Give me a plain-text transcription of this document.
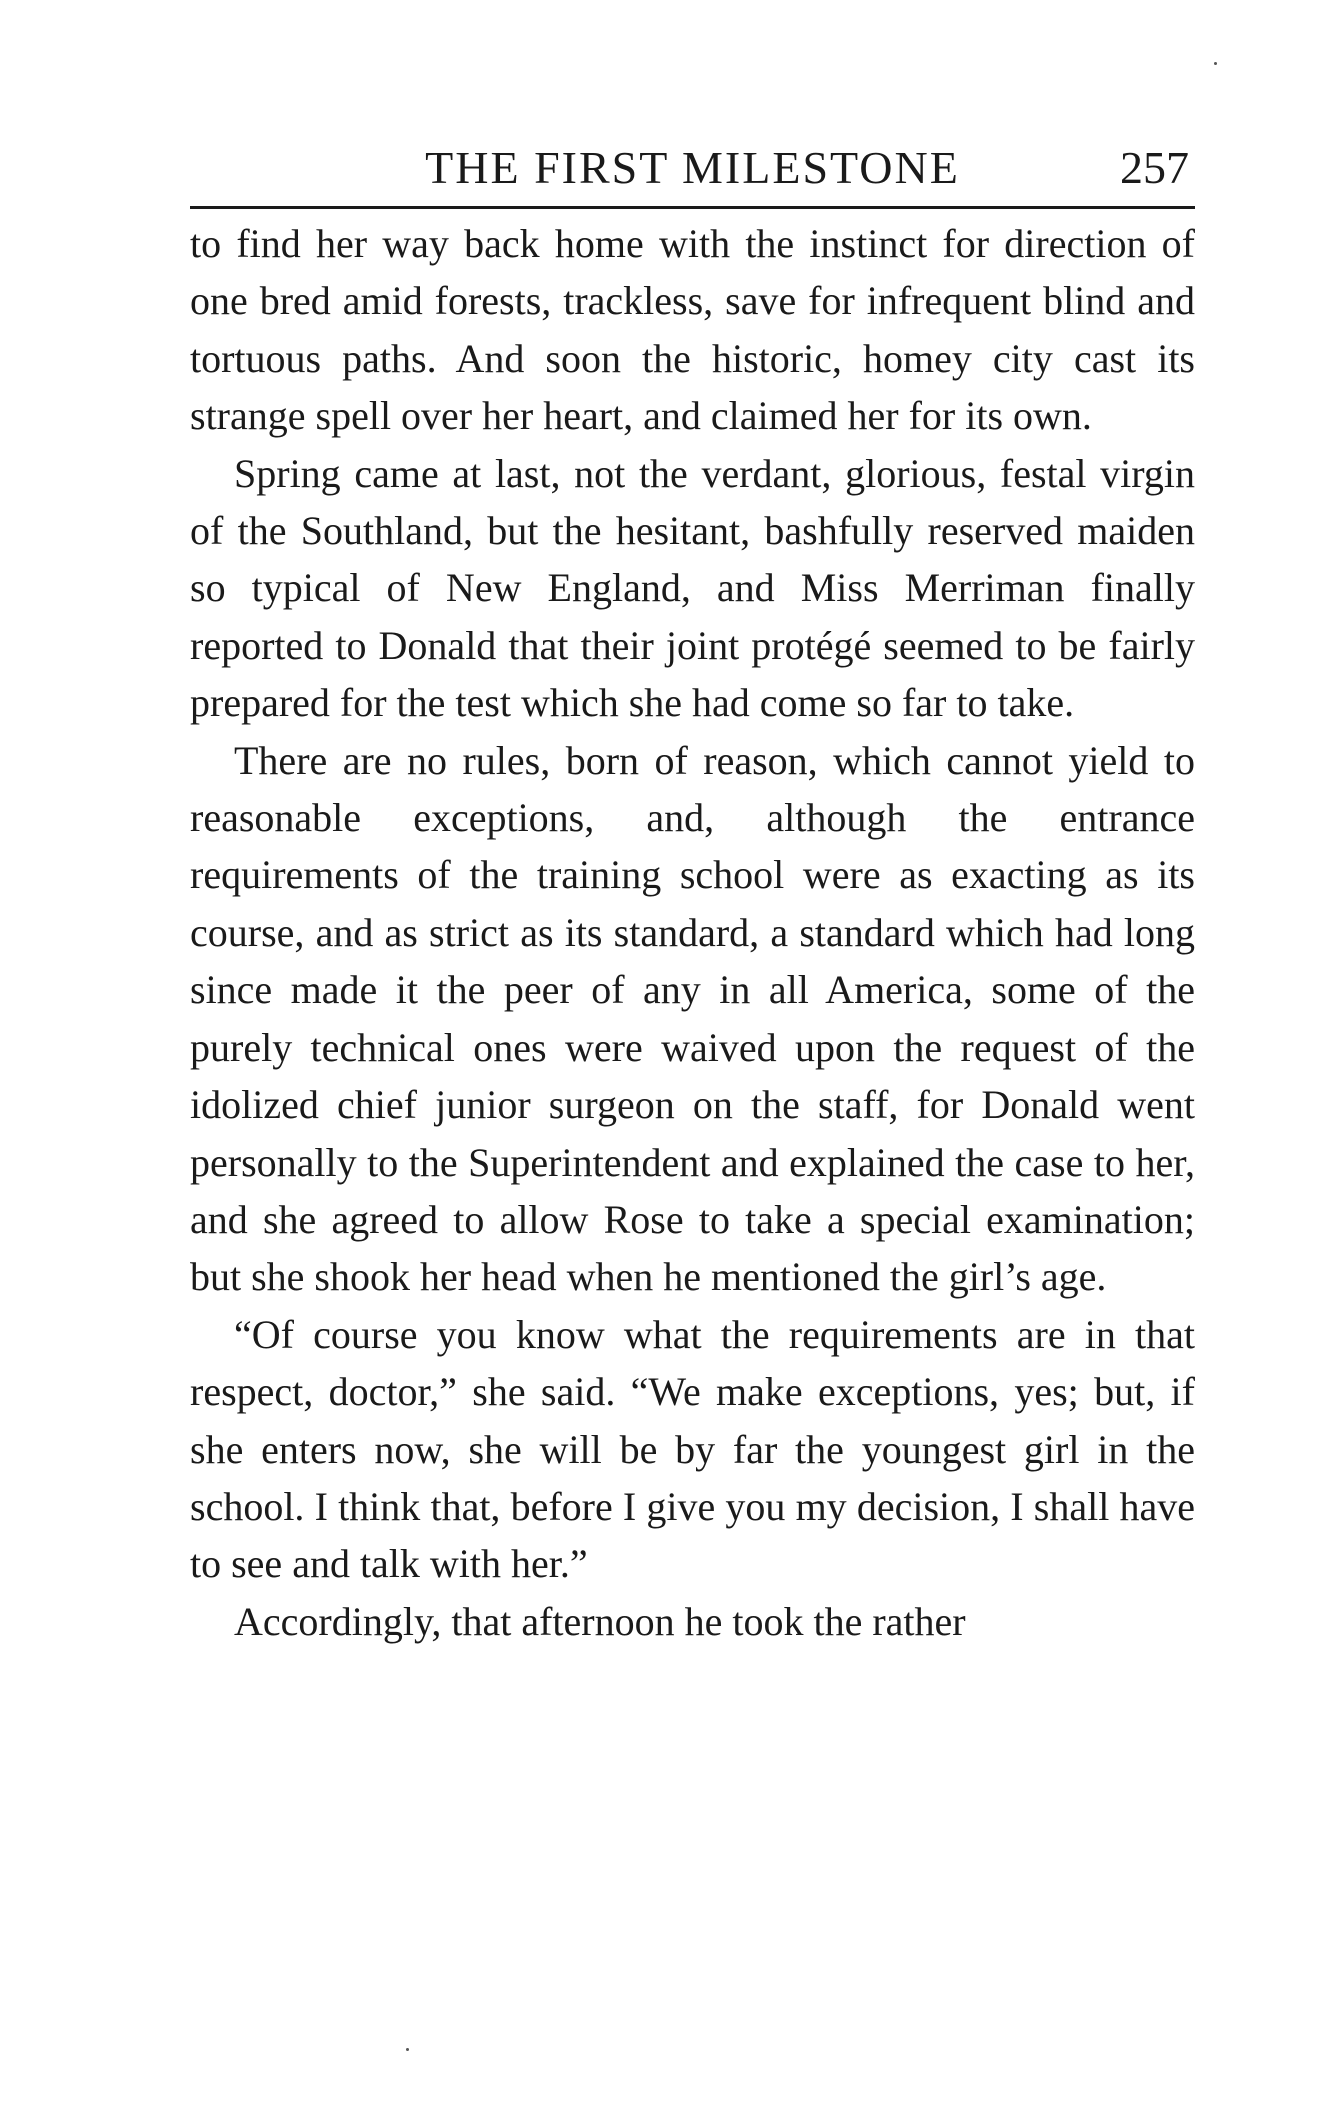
THE FIRST MILESTONE	257

to find her way back home with the instinct for direction of one bred amid forests, trackless, save for infrequent blind and tortuous paths. And soon the historic, homey city cast its strange spell over her heart, and claimed her for its own.

Spring came at last, not the verdant, glorious, festal virgin of the Southland, but the hesitant, bashfully reserved maiden so typical of New England, and Miss Merriman finally reported to Donald that their joint protégé seemed to be fairly prepared for the test which she had come so far to take.

There are no rules, born of reason, which cannot yield to reasonable exceptions, and, although the entrance requirements of the training school were as exacting as its course, and as strict as its standard, a standard which had long since made it the peer of any in all America, some of the purely technical ones were waived upon the request of the idolized chief junior surgeon on the staff, for Donald went personally to the Superintendent and explained the case to her, and she agreed to allow Rose to take a special examination; but she shook her head when he mentioned the girl’s age.

“Of course you know what the requirements are in that respect, doctor,” she said. “We make exceptions, yes; but, if she enters now, she will be by far the youngest girl in the school. I think that, before I give you my decision, I shall have to see and talk with her.”

Accordingly, that afternoon he took the rather
